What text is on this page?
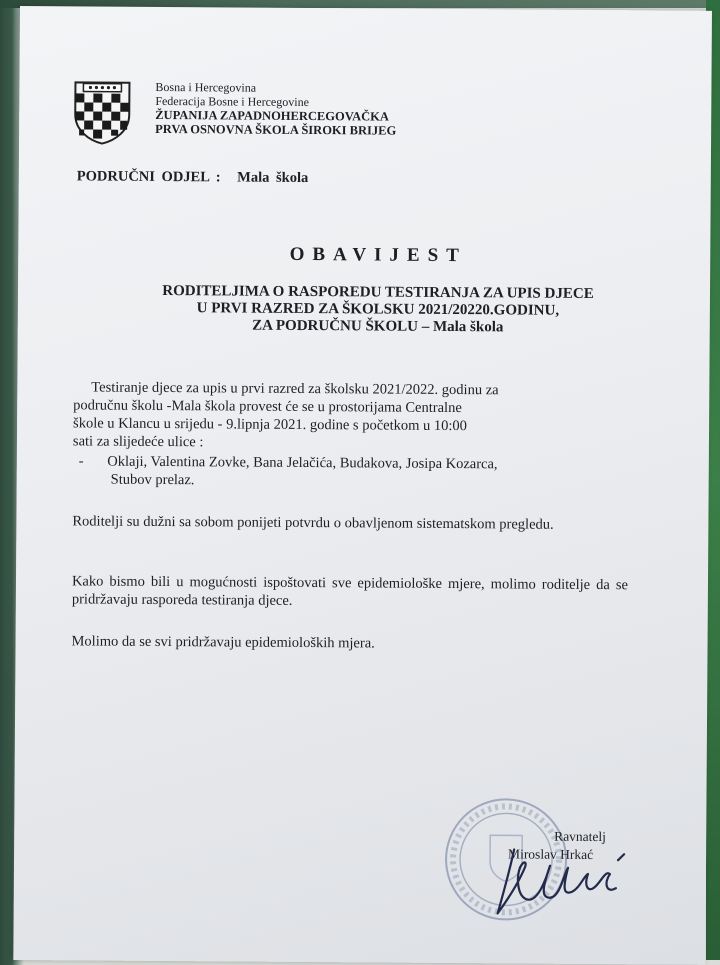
Bosna i Hercegovina
Federacija Bosne i Hercegovine
ŽUPANIJA ZAPADNOHERCEGOVAČKA
PRVA OSNOVNA ŠKOLA ŠIROKI BRIJEG
PODRUČNI ODJEL : Mala škola
OBAVIJEST
RODITELJIMA O RASPOREDU TESTIRANJA ZA UPIS DJECE
U PRVI RAZRED ZA ŠKOLSKU 2021/20220.GODINU,
ZA PODRUČNU ŠKOLU – Mala škola
Testiranje djece za upis u prvi razred za školsku 2021/2022. godinu za
područnu školu -Mala škola provest će se u prostorijama Centralne
škole u Klancu u srijedu - 9.lipnja 2021. godine s početkom u 10:00
sati za slijedeće ulice :
- Oklaji, Valentina Zovke, Bana Jelačića, Budakova, Josipa Kozarca,
Stubov prelaz.
Roditelji su dužni sa sobom ponijeti potvrdu o obavljenom sistematskom pregledu.
Kako bismo bili u mogućnosti ispoštovati sve epidemiološke mjere, molimo roditelje da se pridržavaju rasporeda testiranja djece.
Molimo da se svi pridržavaju epidemioloških mjera.
Ravnatelj
Miroslav Hrkać
